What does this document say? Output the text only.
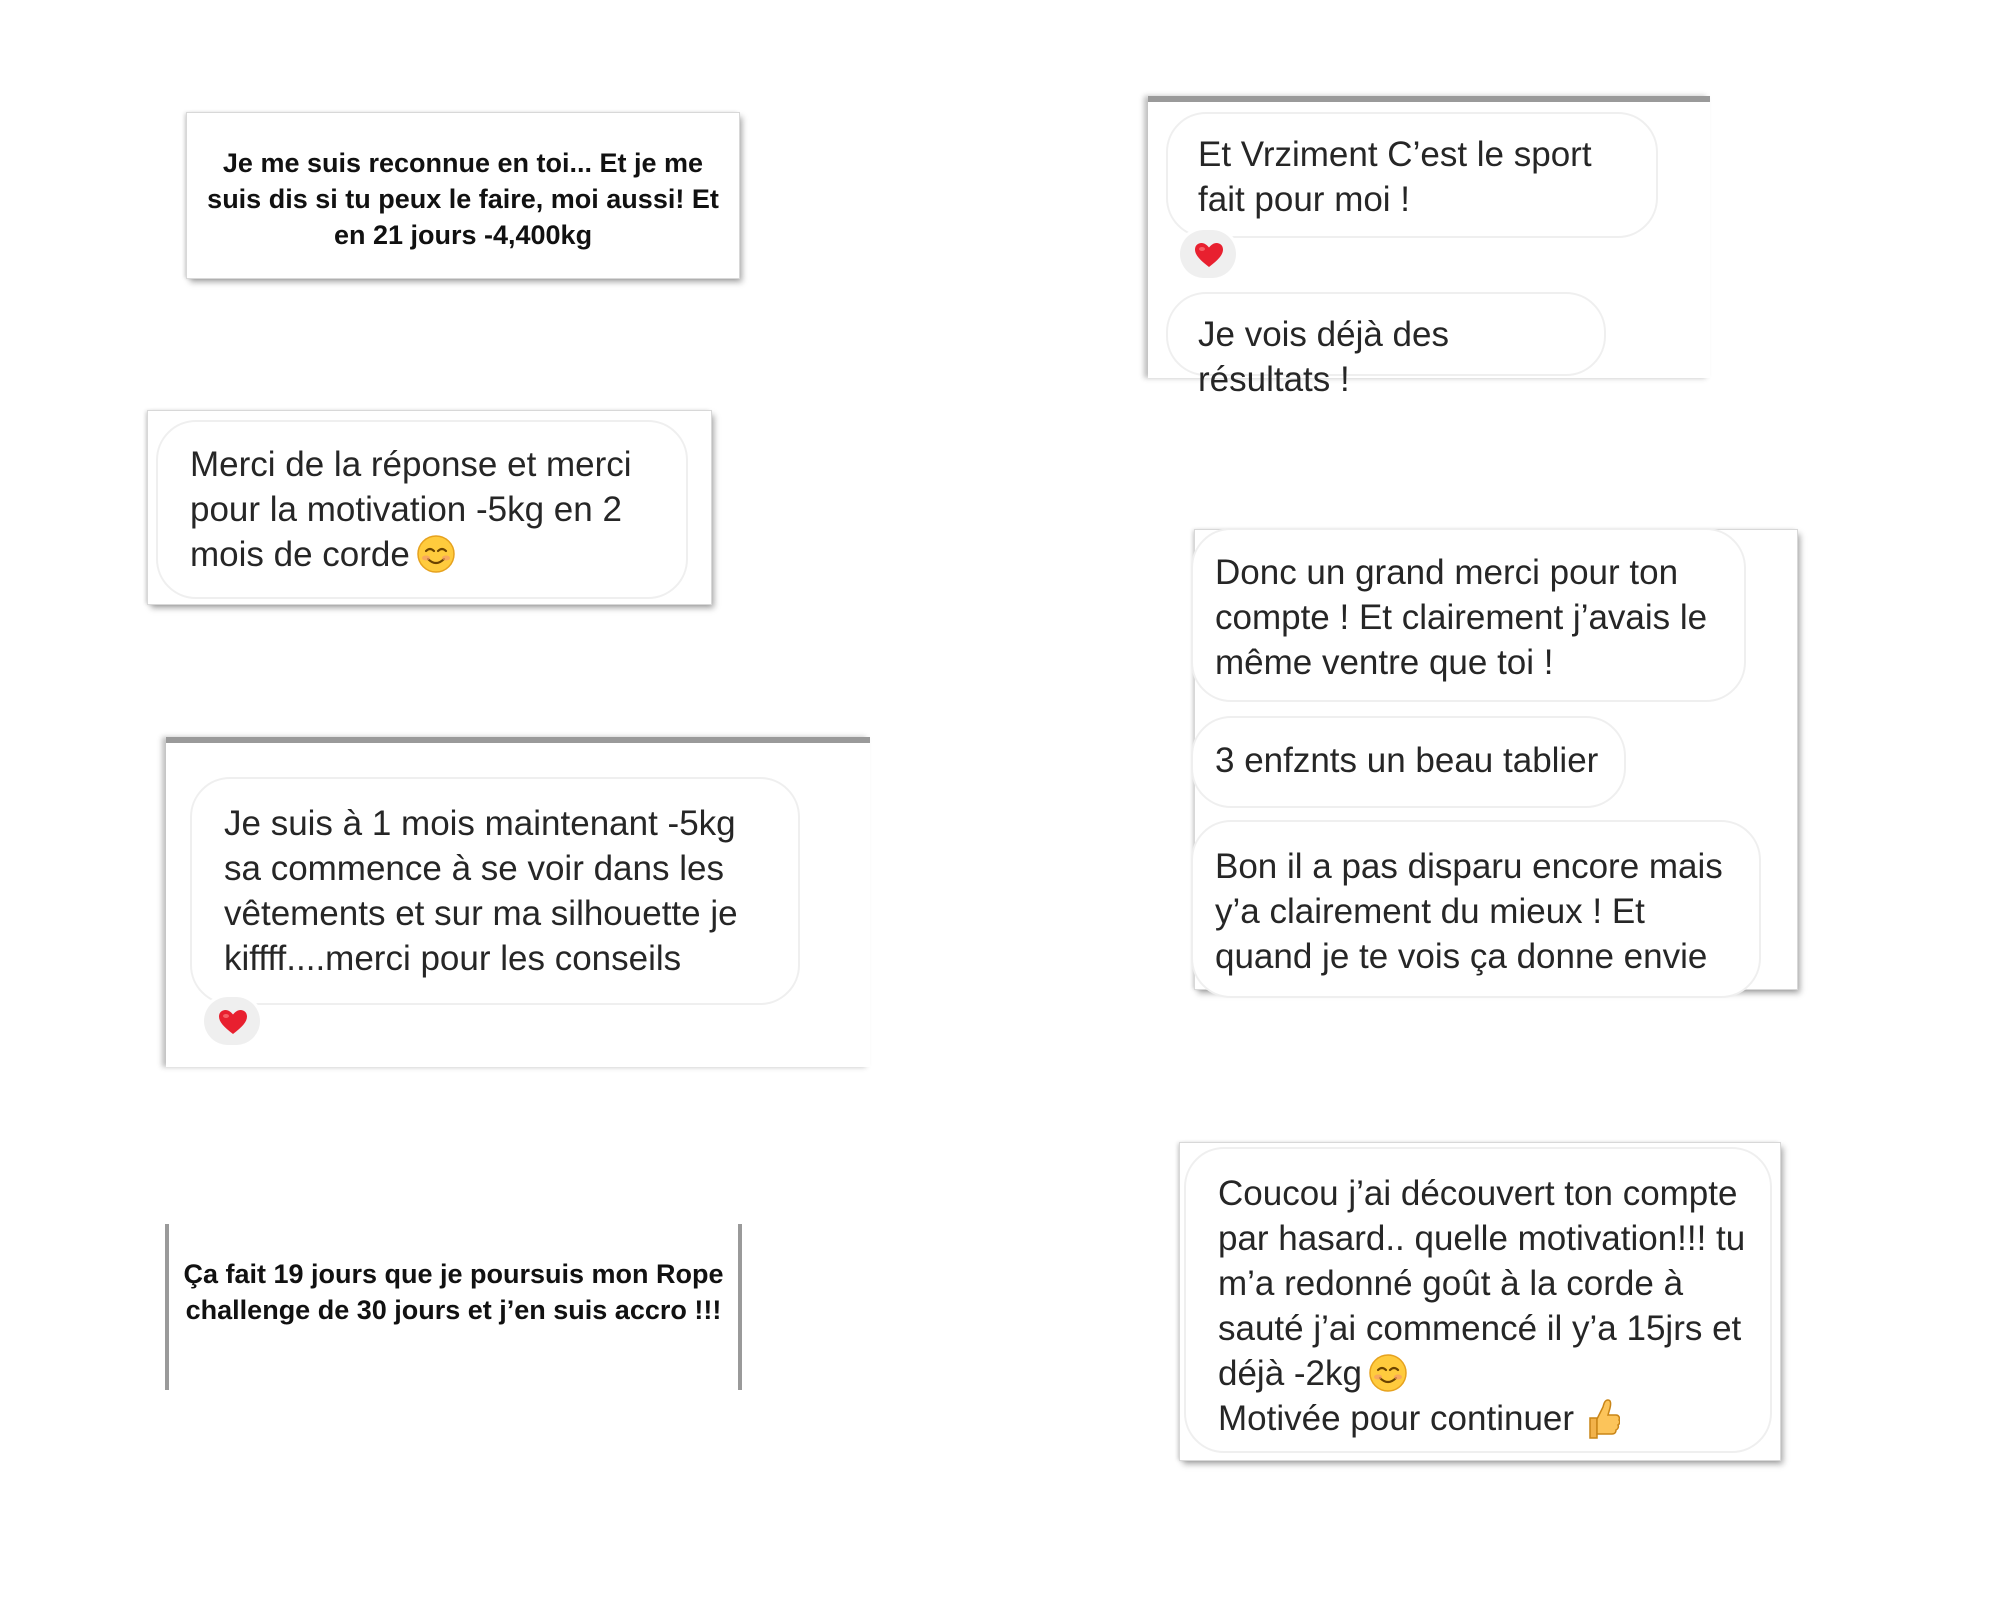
Je me suis reconnue en toi... Et je me suis dis si tu peux le faire, moi aussi! Et en 21 jours -4,400kg
Merci de la réponse et merci pour la motivation -5kg en 2 mois de corde
Je suis à 1 mois maintenant -5kg sa commence à se voir dans les vêtements et sur ma silhouette je kiffff....merci pour les conseils
Ça fait 19 jours que je poursuis mon Rope challenge de 30 jours et j’en suis accro !!!
Et Vrziment C’est le sport fait pour moi !
Je vois déjà des résultats !
Donc un grand merci pour ton compte ! Et clairement j’avais le même ventre que toi !
3 enfznts un beau tablier
Bon il a pas disparu encore mais y’a clairement du mieux ! Et quand je te vois ça donne envie
Coucou j’ai découvert ton compte par hasard.. quelle motivation!!! tu m’a redonné goût à la corde à sauté j’ai commencé il y’a 15jrs et déjà -2kg
Motivée pour continuer
